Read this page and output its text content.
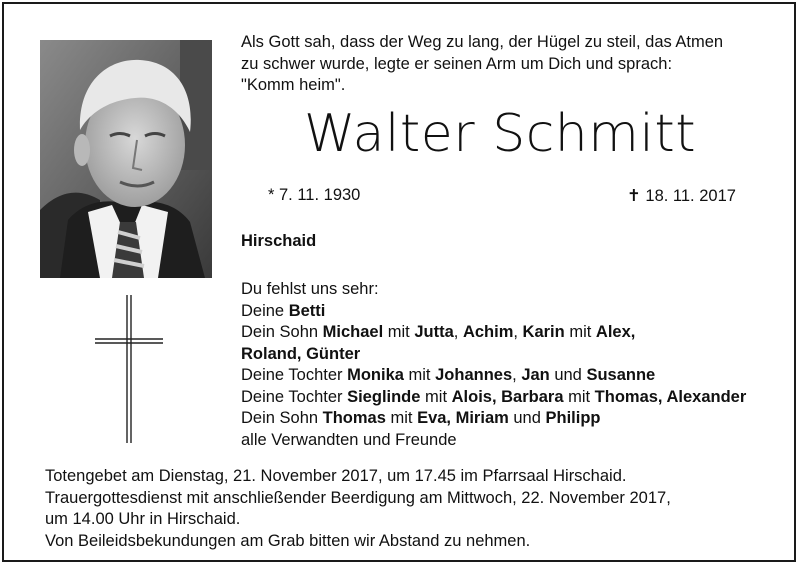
Als Gott sah, dass der Weg zu lang, der Hügel zu steil, das Atmen
zu schwer wurde, legte er seinen Arm um Dich und sprach:
"Komm heim".
Walter Schmitt
* 7. 11. 1930	✝ 18. 11. 2017
Hirschaid
Du fehlst uns sehr:
Deine Betti
Dein Sohn Michael mit Jutta, Achim, Karin mit Alex,
Roland, Günter
Deine Tochter Monika mit Johannes, Jan und Susanne
Deine Tochter Sieglinde mit Alois, Barbara mit Thomas, Alexander
Dein Sohn Thomas mit Eva, Miriam und Philipp
alle Verwandten und Freunde
Totengebet am Dienstag, 21. November 2017, um 17.45 im Pfarrsaal Hirschaid.
Trauergottesdienst mit anschließender Beerdigung am Mittwoch, 22. November 2017,
um 14.00 Uhr in Hirschaid.
Von Beileidsbekundungen am Grab bitten wir Abstand zu nehmen.
